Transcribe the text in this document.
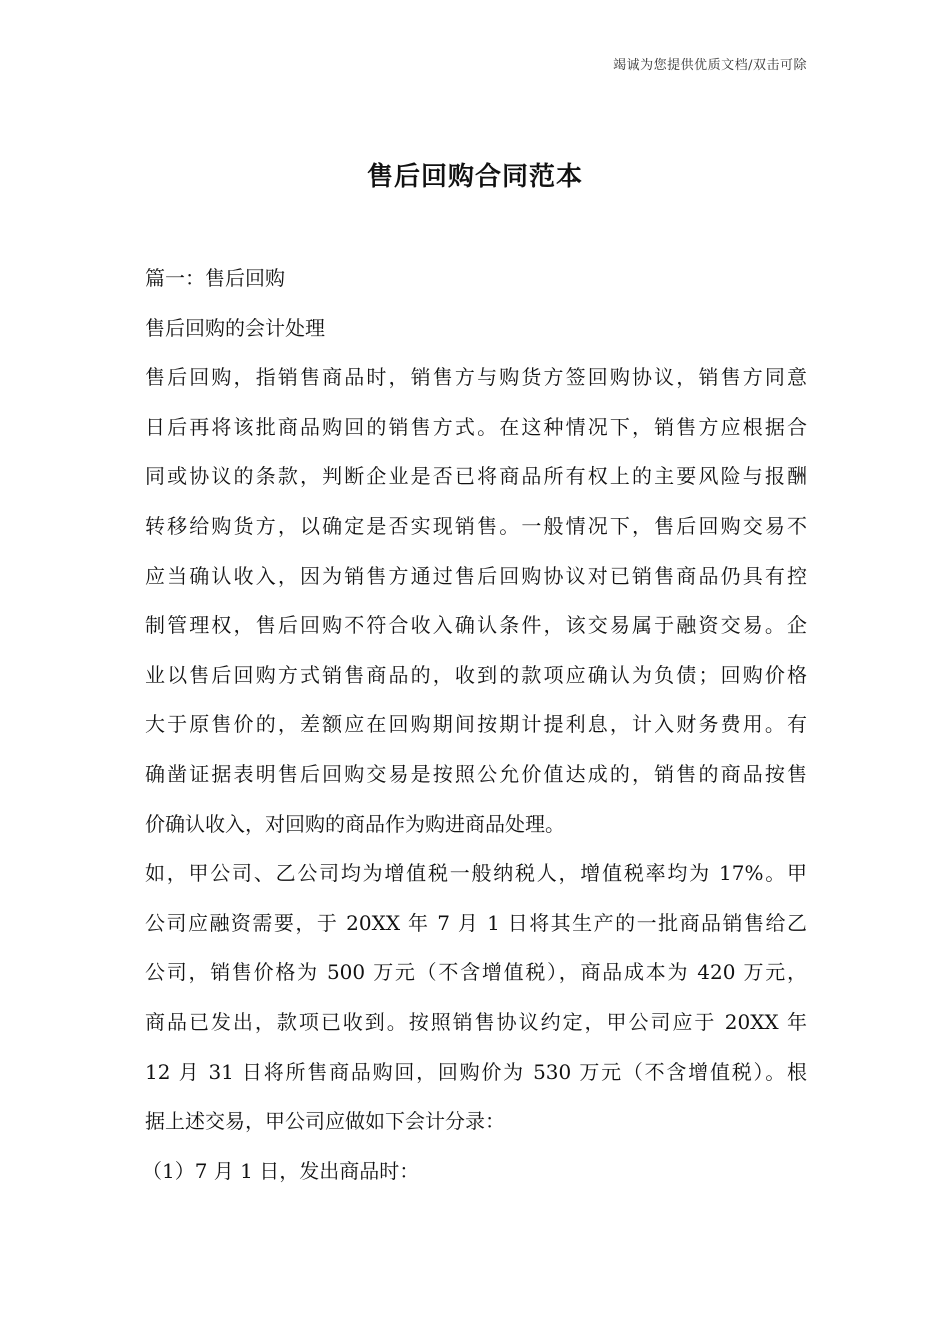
竭诚为您提供优质文档/双击可除
售后回购合同范本
篇一：售后回购
售后回购的会计处理
售后回购，指销售商品时，销售方与购货方签回购协议，销售方同意
日后再将该批商品购回的销售方式。在这种情况下，销售方应根据合
同或协议的条款，判断企业是否已将商品所有权上的主要风险与报酬
转移给购货方，以确定是否实现销售。一般情况下，售后回购交易不
应当确认收入，因为销售方通过售后回购协议对已销售商品仍具有控
制管理权，售后回购不符合收入确认条件，该交易属于融资交易。企
业以售后回购方式销售商品的，收到的款项应确认为负债；回购价格
大于原售价的，差额应在回购期间按期计提利息，计入财务费用。有
确凿证据表明售后回购交易是按照公允价值达成的，销售的商品按售
价确认收入，对回购的商品作为购进商品处理。
如，甲公司、乙公司均为增值税一般纳税人，增值税率均为 17%。甲
公司应融资需要，于 20XX 年 7 月 1 日将其生产的一批商品销售给乙
公司，销售价格为 500 万元（不含增值税），商品成本为 420 万元，
商品已发出，款项已收到。按照销售协议约定，甲公司应于 20XX 年
12 月 31 日将所售商品购回，回购价为 530 万元（不含增值税）。根
据上述交易，甲公司应做如下会计分录：
（1）7 月 1 日，发出商品时：
